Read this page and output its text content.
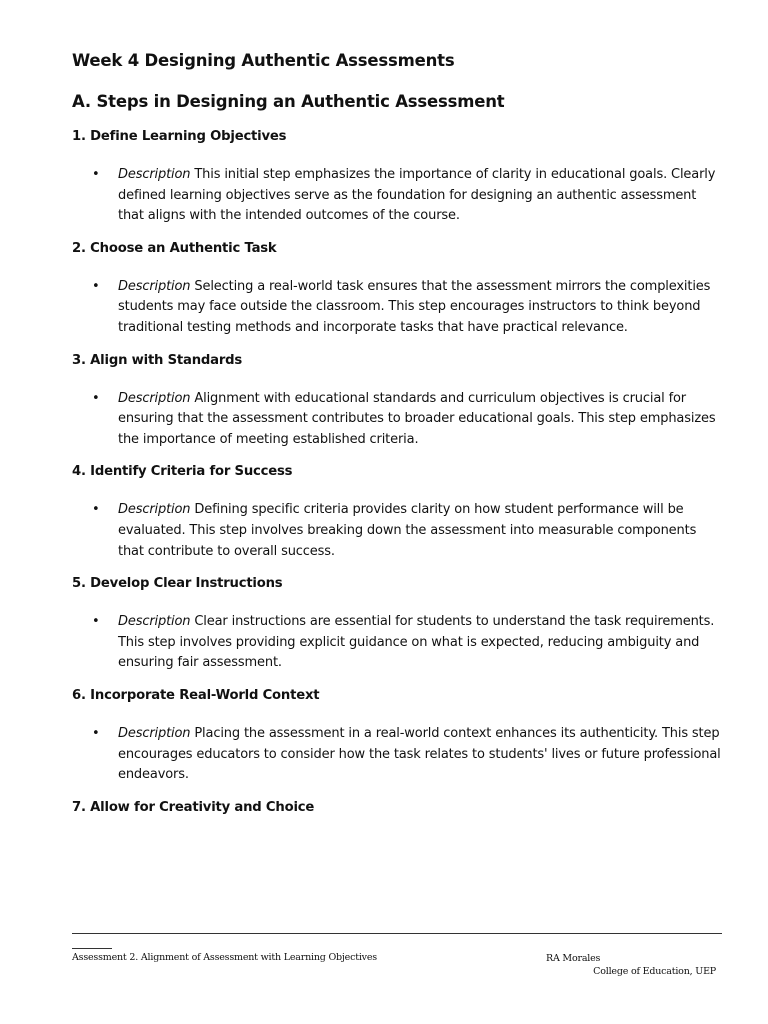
Week 4 Designing Authentic Assessments
A. Steps in Designing an Authentic Assessment

1. Define Learning Objectives

•	Description This initial step emphasizes the importance of clarity in educational goals. Clearly defined learning objectives serve as the foundation for designing an authentic assessment that aligns with the intended outcomes of the course.

2. Choose an Authentic Task

•	Description Selecting a real-world task ensures that the assessment mirrors the complexities students may face outside the classroom. This step encourages instructors to think beyond traditional testing methods and incorporate tasks that have practical relevance.

3. Align with Standards

•	Description Alignment with educational standards and curriculum objectives is crucial for ensuring that the assessment contributes to broader educational goals. This step emphasizes the importance of meeting established criteria.

4. Identify Criteria for Success

•	Description Defining specific criteria provides clarity on how student performance will be evaluated. This step involves breaking down the assessment into measurable components that contribute to overall success.

5. Develop Clear Instructions

•	Description Clear instructions are essential for students to understand the task requirements. This step involves providing explicit guidance on what is expected, reducing ambiguity and ensuring fair assessment.

6. Incorporate Real-World Context

•	Description Placing the assessment in a real-world context enhances its authenticity. This step encourages educators to consider how the task relates to students' lives or future professional endeavors.

7. Allow for Creativity and Choice

Assessment 2. Alignment of Assessment with Learning Objectives	RA Morales
College of Education, UEP
